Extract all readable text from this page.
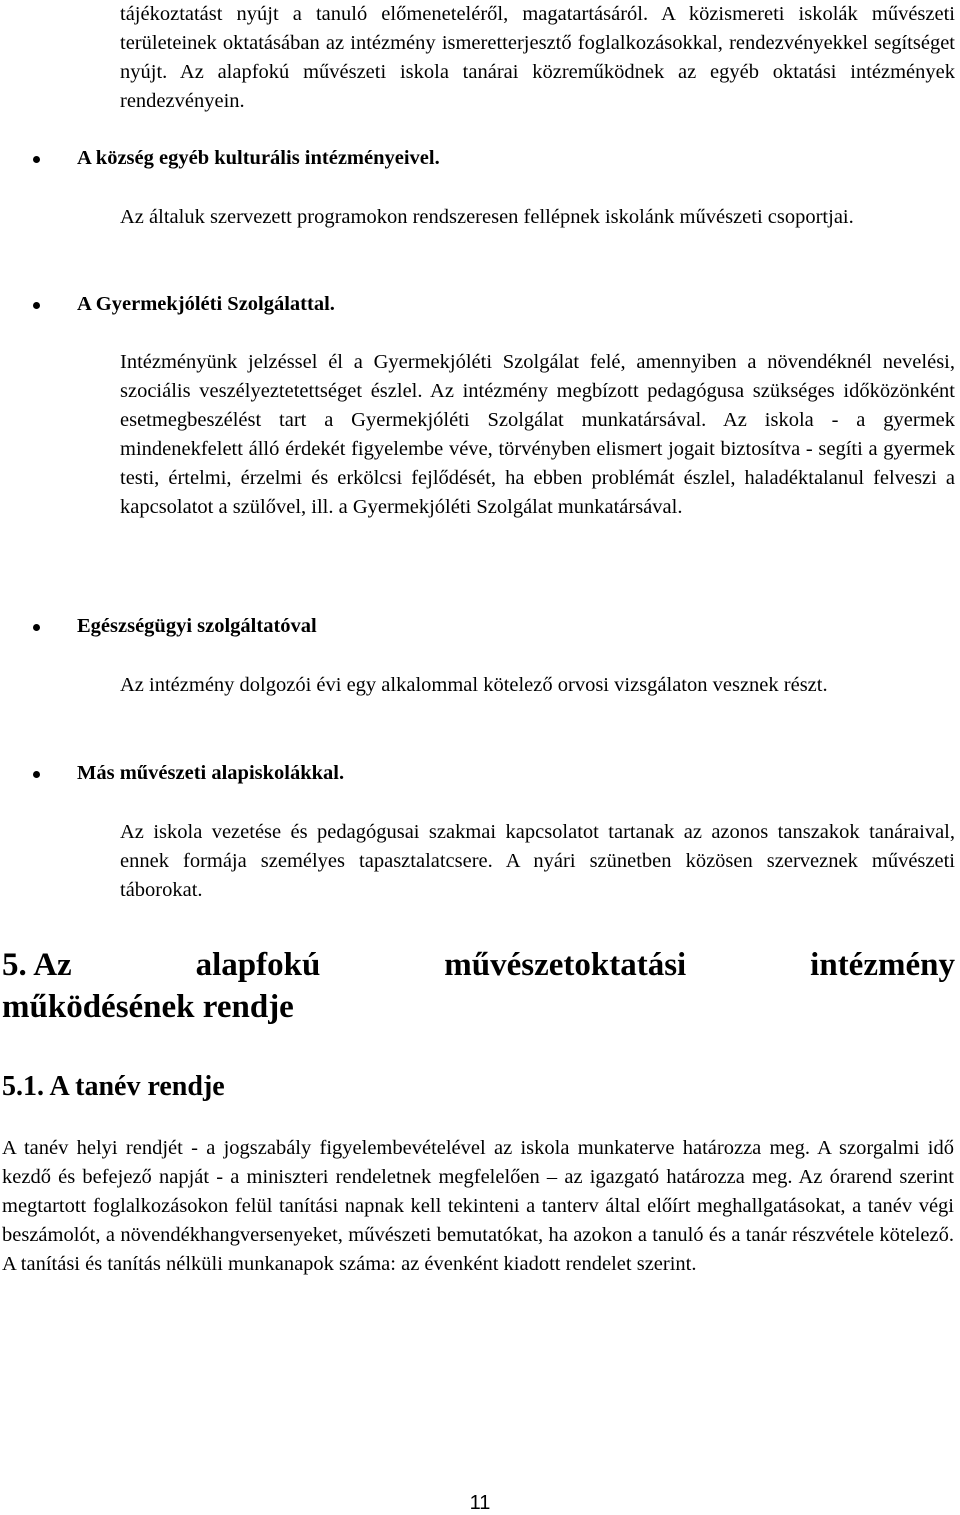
tájékoztatást nyújt a tanuló előmeneteléről, magatartásáról. A közismereti iskolák művészeti területeinek oktatásában az intézmény ismeretterjesztő foglalkozásokkal, rendezvényekkel segítséget nyújt. Az alapfokú művészeti iskola tanárai közreműködnek az egyéb oktatási intézmények rendezvényein.

A község egyéb kulturális intézményeivel.

Az általuk szervezett programokon rendszeresen fellépnek iskolánk művészeti csoportjai.

A Gyermekjóléti Szolgálattal.

Intézményünk jelzéssel él a Gyermekjóléti Szolgálat felé, amennyiben a növendéknél nevelési, szociális veszélyeztetettséget észlel. Az intézmény megbízott pedagógusa szükséges időközönként esetmegbeszélést tart a Gyermekjóléti Szolgálat munkatársával. Az iskola - a gyermek mindenekfelett álló érdekét figyelembe véve, törvényben elismert jogait biztosítva - segíti a gyermek testi, értelmi, érzelmi és erkölcsi fejlődését, ha ebben problémát észlel, haladéktalanul felveszi a kapcsolatot a szülővel, ill. a Gyermekjóléti Szolgálat munkatársával.

Egészségügyi szolgáltatóval

Az intézmény dolgozói évi egy alkalommal kötelező orvosi vizsgálaton vesznek részt.

Más művészeti alapiskolákkal.

Az iskola vezetése és pedagógusai szakmai kapcsolatot tartanak az azonos tanszakok tanáraival, ennek formája személyes tapasztalatcsere. A nyári szünetben közösen szerveznek művészeti táborokat.

5. Az	alapfokú	művészetoktatási	intézmény
működésének rendje
5.1. A tanév rendje

A tanév helyi rendjét - a jogszabály figyelembevételével az iskola munkaterve határozza meg. A szorgalmi idő kezdő és befejező napját - a miniszteri rendeletnek megfelelően – az igazgató határozza meg. Az órarend szerint megtartott foglalkozásokon felül tanítási napnak kell tekinteni a tanterv által előírt meghallgatásokat, a tanév végi beszámolót, a növendékhangversenyeket, művészeti bemutatókat, ha azokon a tanuló és a tanár részvétele kötelező. A tanítási és tanítás nélküli munkanapok száma: az évenként kiadott rendelet szerint.

11
